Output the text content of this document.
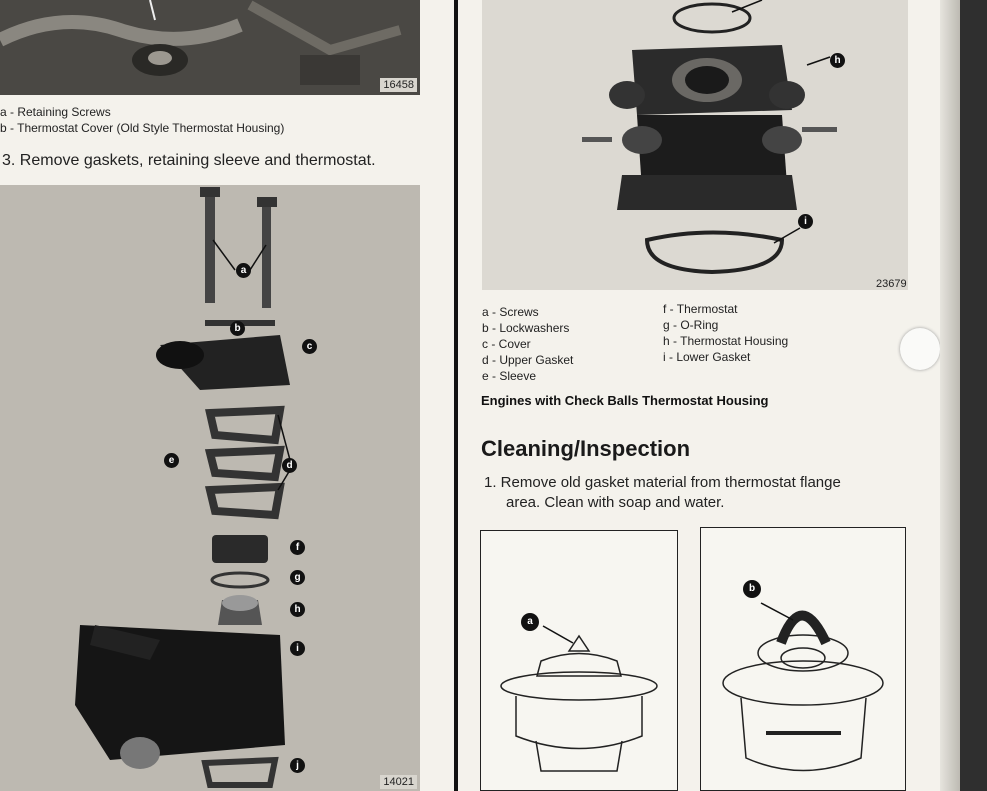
16458
a - Retaining Screws
b - Thermostat Cover (Old Style Thermostat Housing)
3. Remove gaskets, retaining sleeve and thermostat.
a
b
c
d
e
f
g
h
i
j
14021
h
i
23679
a - Screws
b - Lockwashers
c - Cover
d - Upper Gasket
e - Sleeve
f - Thermostat
g - O-Ring
h - Thermostat Housing
i - Lower Gasket
Engines with Check Balls Thermostat Housing
Cleaning/Inspection
1. Remove old gasket material from thermostat flange
area. Clean with soap and water.
a
b
